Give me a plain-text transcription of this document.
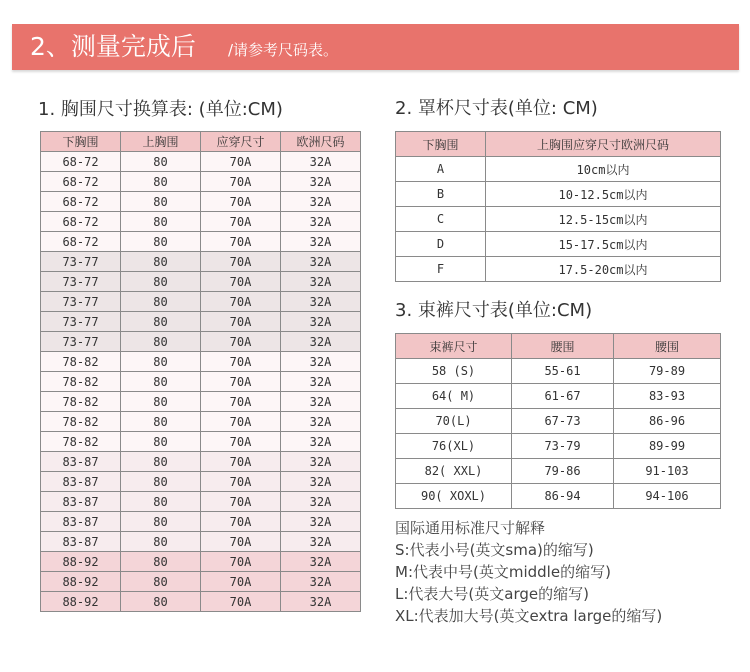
2、测量完成后 /请参考尺码表。
1. 胸围尺寸换算表: (单位:CM)
下胸围	上胸围	应穿尺寸	欧洲尺码
68-72	80	70A	32A
68-72	80	70A	32A
68-72	80	70A	32A
68-72	80	70A	32A
68-72	80	70A	32A
73-77	80	70A	32A
73-77	80	70A	32A
73-77	80	70A	32A
73-77	80	70A	32A
73-77	80	70A	32A
78-82	80	70A	32A
78-82	80	70A	32A
78-82	80	70A	32A
78-82	80	70A	32A
78-82	80	70A	32A
83-87	80	70A	32A
83-87	80	70A	32A
83-87	80	70A	32A
83-87	80	70A	32A
83-87	80	70A	32A
88-92	80	70A	32A
88-92	80	70A	32A
88-92	80	70A	32A
2. 罩杯尺寸表(单位: CM)
下胸围	上胸围应穿尺寸欧洲尺码
A	10cm以内
B	10-12.5cm以内
C	12.5-15cm以内
D	15-17.5cm以内
F	17.5-20cm以内
3. 束裤尺寸表(单位:CM)
束裤尺寸	腰围	腰围
58 (S)	55-61	79-89
64( M)	61-67	83-93
70(L)	67-73	86-96
76(XL)	73-79	89-99
82( XXL)	79-86	91-103
90( XOXL)	86-94	94-106
国际通用标准尺寸解释
S:代表小号(英文sma)的缩写)
M:代表中号(英文middle的缩写)
L:代表大号(英文arge的缩写)
XL:代表加大号(英文extra large的缩写)
